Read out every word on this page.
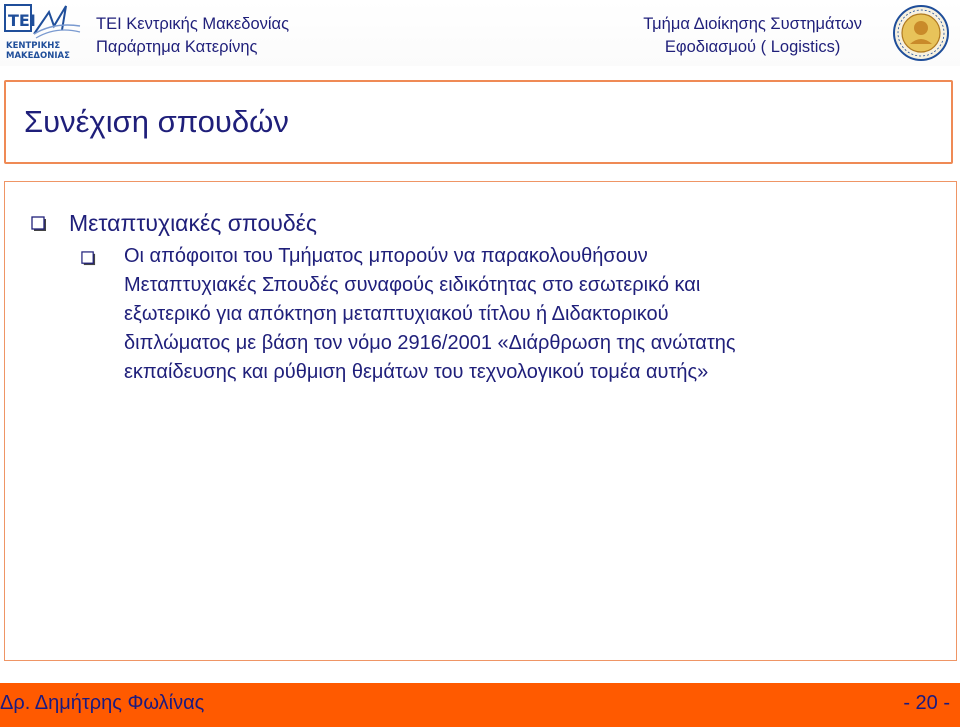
TEI
ΚΕΝΤΡΙΚΗΣ
ΜΑΚΕΔΟΝΙΑΣ
ΤΕΙ Κεντρικής Μακεδονίας
Παράρτημα Κατερίνης
Τμήμα Διοίκησης Συστημάτων
Εφοδιασμού ( Logistics)
Συνέχιση σπουδών
Μεταπτυχιακές σπουδές
Οι απόφοιτοι του Τμήματος μπορούν να παρακολουθήσουν
Μεταπτυχιακές Σπουδές συναφούς ειδικότητας στο εσωτερικό και
εξωτερικό για απόκτηση μεταπτυχιακού τίτλου ή Διδακτορικού
διπλώματος με βάση τον νόμο 2916/2001 «Διάρθρωση της ανώτατης
εκπαίδευσης και ρύθμιση θεμάτων του τεχνολογικού τομέα αυτής»
Δρ. Δημήτρης Φωλίνας	- 20 -
